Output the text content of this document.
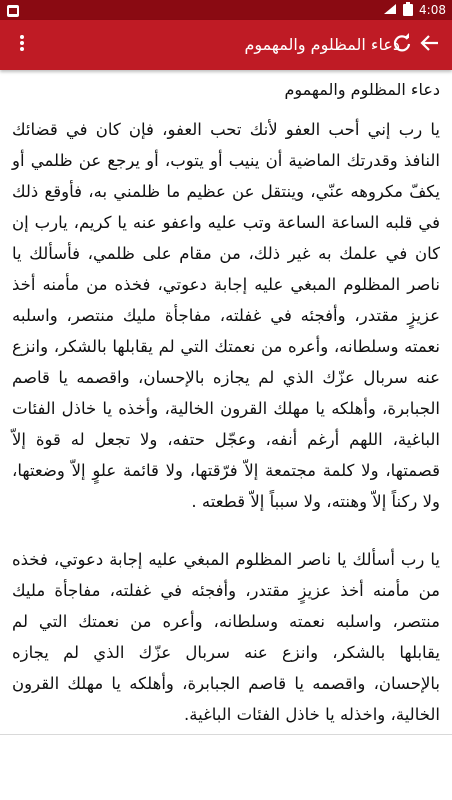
4:08
دعاء المظلوم والمهموم
دعاء المظلوم والمهموم
يا رب إني أحب العفو لأنك تحب العفو، فإن كان في قضائك النافذ وقدرتك الماضية أن ينيب أو يتوب، أو يرجع عن ظلمي أو يكفّ مكروهه عنّي، وينتقل عن عظيم ما ظلمني به، فأوقع ذلك في قلبه الساعة الساعة وتب عليه واعفو عنه يا كريم، يارب إن كان في علمك به غير ذلك، من مقام على ظلمي، فأسألك يا ناصر المظلوم المبغي عليه إجابة دعوتي، فخذه من مأمنه أخذ عزيزٍ مقتدر، وأفجئه في غفلته، مفاجأة مليك منتصر، واسلبه نعمته وسلطانه، وأعره من نعمتك التي لم يقابلها بالشكر، وانزع عنه سربال عزّك الذي لم يجازه بالإحسان، واقصمه يا قاصم الجبابرة، وأهلكه يا مهلك القرون الخالية، وأخذه يا خاذل الفئات الباغية، اللهم أرغم أنفه، وعجّل حتفه، ولا تجعل له قوة إلاّ قصمتها، ولا كلمة مجتمعة إلاّ فرّقتها، ولا قائمة علوٍ إلاّ وضعتها، ولا ركناً إلاّ وهنته، ولا سبباً إلاّ قطعته .
يا رب أسألك يا ناصر المظلوم المبغي عليه إجابة دعوتي، فخذه من مأمنه أخذ عزيزٍ مقتدر، وأفجئه في غفلته، مفاجأة مليك منتصر، واسلبه نعمته وسلطانه، وأعره من نعمتك التي لم يقابلها بالشكر، وانزع عنه سربال عزّك الذي لم يجازه بالإحسان، واقصمه يا قاصم الجبابرة، وأهلكه يا مهلك القرون الخالية، واخذله يا خاذل الفئات الباغية.
